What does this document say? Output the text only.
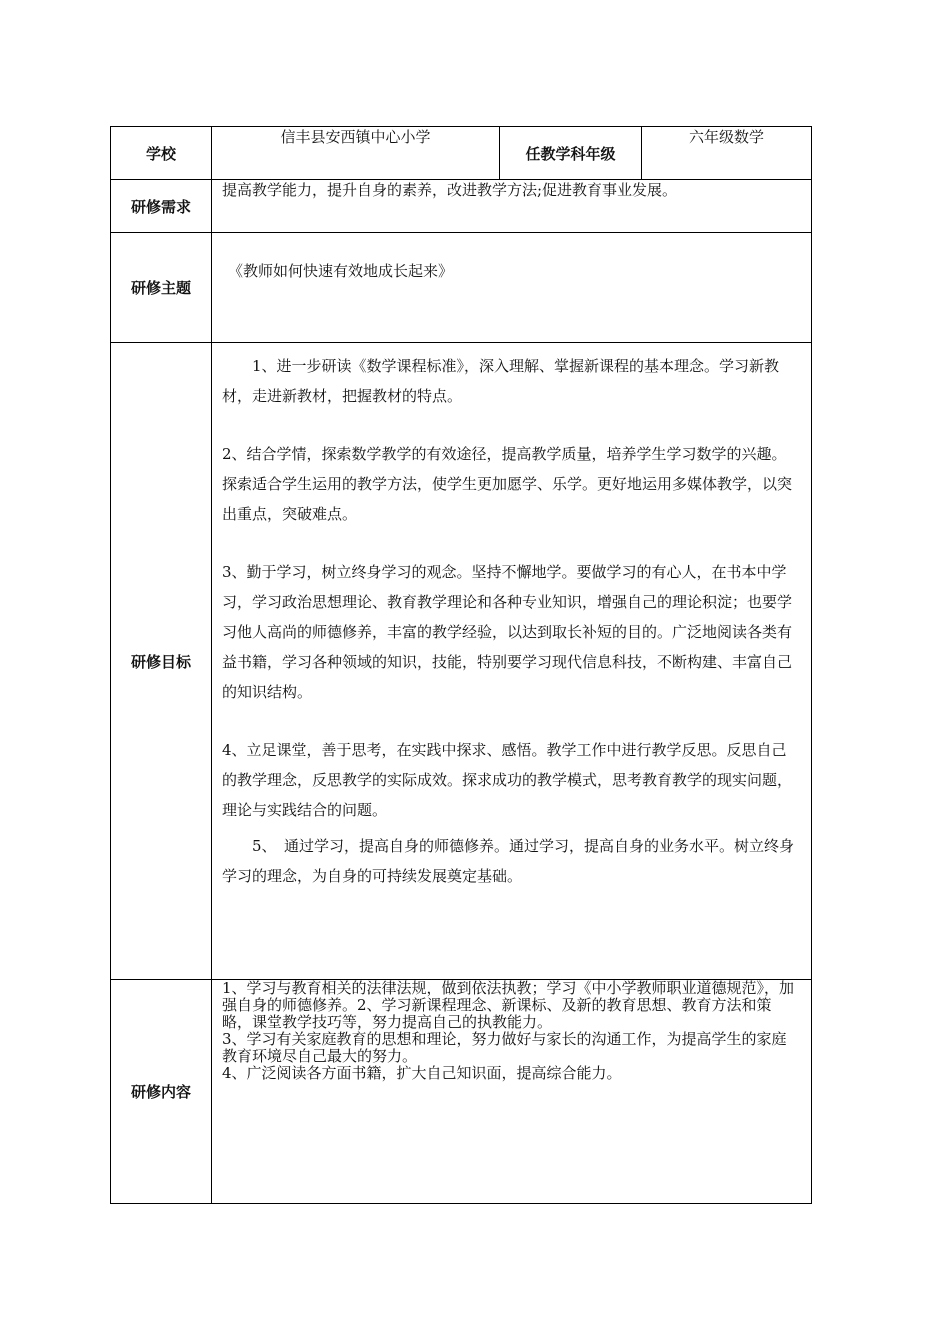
学校	信丰县安西镇中心小学	任教学科年级	六年级数学
研修需求	提高教学能力，提升自身的素养，改进教学方法;促进教育事业发展。		
研修主题	《教师如何快速有效地成长起来》		
研修目标	1、进一步研读《数学课程标准》，深入理解、掌握新课程的基本理念。学习新教材，走进新教材，把握教材的特点。

2、结合学情，探索数学教学的有效途径，提高教学质量，培养学生学习数学的兴趣。探索适合学生运用的教学方法，使学生更加愿学、乐学。更好地运用多媒体教学，以突出重点，突破难点。

3、勤于学习，树立终身学习的观念。坚持不懈地学。要做学习的有心人，在书本中学习，学习政治思想理论、教育教学理论和各种专业知识，增强自己的理论积淀；也要学习他人高尚的师德修养，丰富的教学经验，以达到取长补短的目的。广泛地阅读各类有益书籍，学习各种领域的知识，技能，特别要学习现代信息科技，不断构建、丰富自己的知识结构。

4、立足课堂，善于思考，在实践中探求、感悟。教学工作中进行教学反思。反思自己的教学理念，反思教学的实际成效。探求成功的教学模式，思考教育教学的现实问题，理论与实践结合的问题。

5、　通过学习，提高自身的师德修养。通过学习，提高自身的业务水平。树立终身学习的理念，为自身的可持续发展奠定基础。		

研修内容	1、学习与教育相关的法律法规，做到依法执教；学习《中小学教师职业道德规范》，加强自身的师德修养。2、学习新课程理念、新课标、及新的教育思想、教育方法和策略，课堂教学技巧等，努力提高自己的执教能力。

3、学习有关家庭教育的思想和理论，努力做好与家长的沟通工作，为提高学生的家庭教育环境尽自己最大的努力。

4、广泛阅读各方面书籍，扩大自己知识面，提高综合能力。		
